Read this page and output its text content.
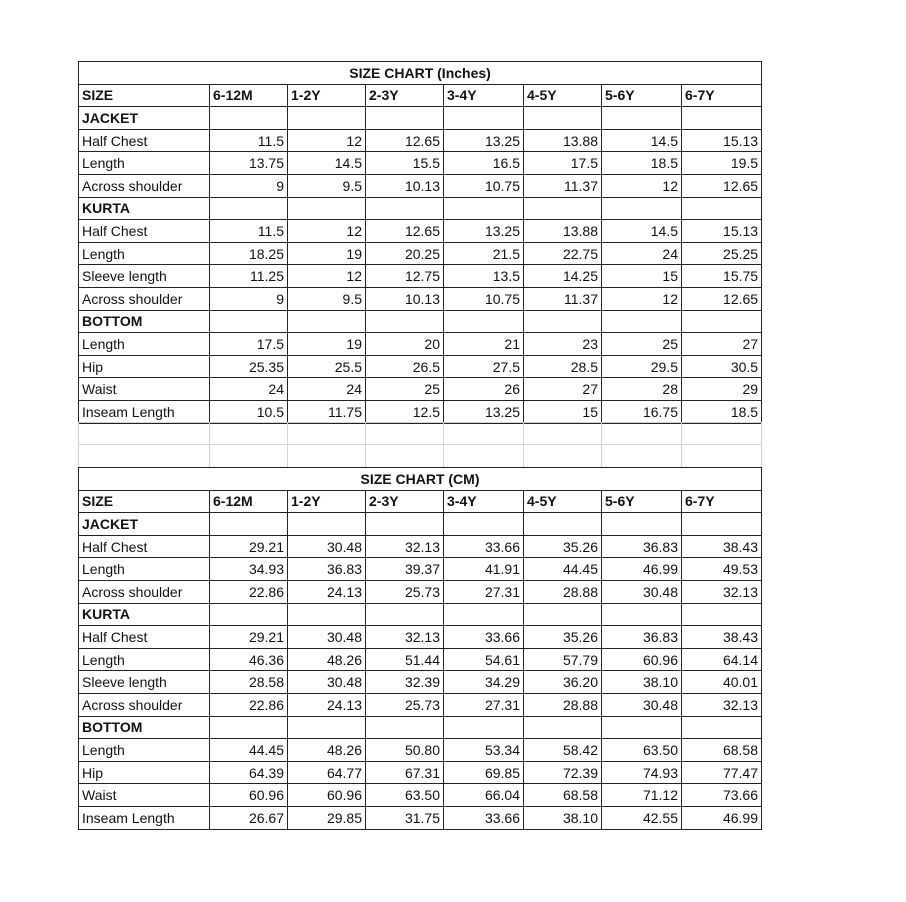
SIZE CHART (Inches)							
SIZE	6-12M	1-2Y	2-3Y	3-4Y	4-5Y	5-6Y	6-7Y
JACKET							
Half Chest	11.5	12	12.65	13.25	13.88	14.5	15.13
Length	13.75	14.5	15.5	16.5	17.5	18.5	19.5
Across shoulder	9	9.5	10.13	10.75	11.37	12	12.65
KURTA							
Half Chest	11.5	12	12.65	13.25	13.88	14.5	15.13
Length	18.25	19	20.25	21.5	22.75	24	25.25
Sleeve length	11.25	12	12.75	13.5	14.25	15	15.75
Across shoulder	9	9.5	10.13	10.75	11.37	12	12.65
BOTTOM							
Length	17.5	19	20	21	23	25	27
Hip	25.35	25.5	26.5	27.5	28.5	29.5	30.5
Waist	24	24	25	26	27	28	29
Inseam Length	10.5	11.75	12.5	13.25	15	16.75	18.5

SIZE CHART (CM)							
SIZE	6-12M	1-2Y	2-3Y	3-4Y	4-5Y	5-6Y	6-7Y
JACKET							
Half Chest	29.21	30.48	32.13	33.66	35.26	36.83	38.43
Length	34.93	36.83	39.37	41.91	44.45	46.99	49.53
Across shoulder	22.86	24.13	25.73	27.31	28.88	30.48	32.13
KURTA							
Half Chest	29.21	30.48	32.13	33.66	35.26	36.83	38.43
Length	46.36	48.26	51.44	54.61	57.79	60.96	64.14
Sleeve length	28.58	30.48	32.39	34.29	36.20	38.10	40.01
Across shoulder	22.86	24.13	25.73	27.31	28.88	30.48	32.13
BOTTOM							
Length	44.45	48.26	50.80	53.34	58.42	63.50	68.58
Hip	64.39	64.77	67.31	69.85	72.39	74.93	77.47
Waist	60.96	60.96	63.50	66.04	68.58	71.12	73.66
Inseam Length	26.67	29.85	31.75	33.66	38.10	42.55	46.99
